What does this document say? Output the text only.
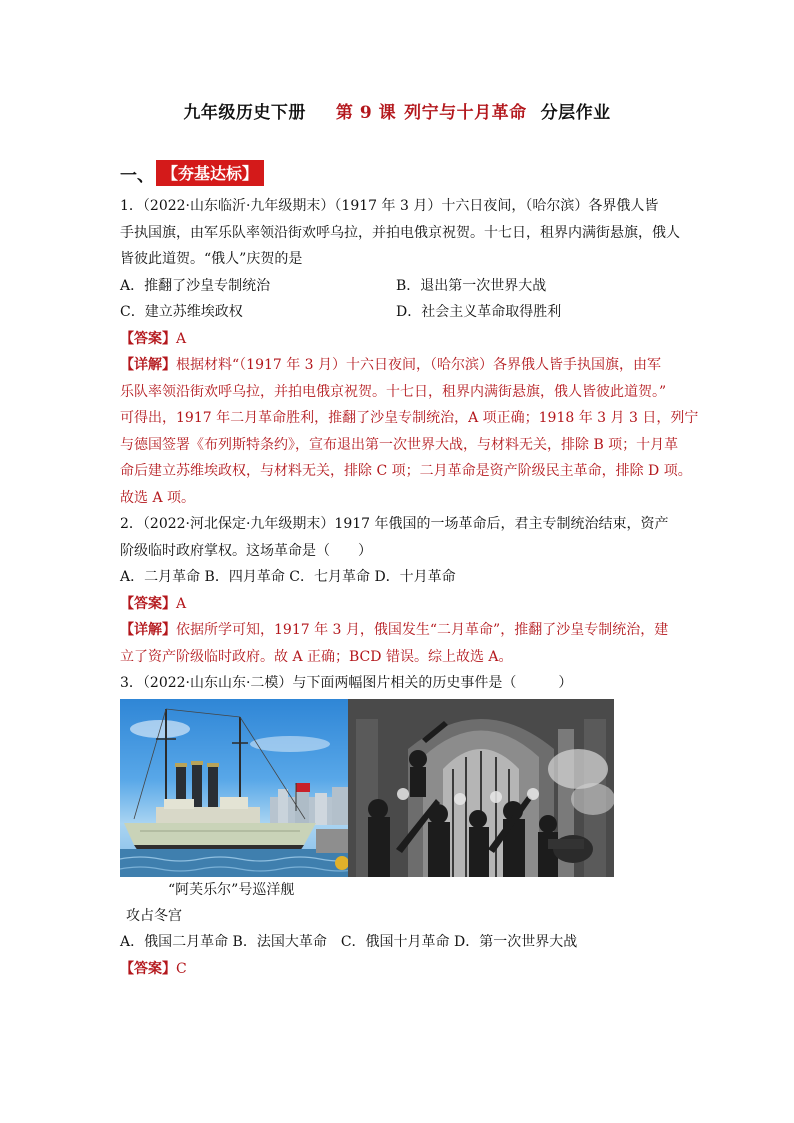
九年级历史下册 第 9 课 列宁与十月革命 分层作业
一、 【夯基达标】
1．（2022·山东临沂·九年级期末）（1917 年 3 月）十六日夜间，（哈尔滨）各界俄人皆
手执国旗，由军乐队率领沿街欢呼乌拉，并拍电俄京祝贺。十七日，租界内满街悬旗，俄人
皆彼此道贺。“俄人”庆贺的是
A．推翻了沙皇专制统治	B．退出第一次世界大战
C．建立苏维埃政权	D．社会主义革命取得胜利
【答案】A
【详解】根据材料“（1917 年 3 月）十六日夜间，（哈尔滨）各界俄人皆手执国旗，由军
乐队率领沿街欢呼乌拉，并拍电俄京祝贺。十七日，租界内满街悬旗，俄人皆彼此道贺。”
可得出，1917 年二月革命胜利，推翻了沙皇专制统治，A 项正确；1918 年 3 月 3 日，列宁
与德国签署《布列斯特条约》，宣布退出第一次世界大战，与材料无关，排除 B 项；十月革
命后建立苏维埃政权，与材料无关，排除 C 项；二月革命是资产阶级民主革命，排除 D 项。
故选 A 项。
2．（2022·河北保定·九年级期末）1917 年俄国的一场革命后，君主专制统治结束，资产
阶级临时政府掌权。这场革命是（　　）
A．二月革命 B．四月革命 C．七月革命 D．十月革命
【答案】A
【详解】依据所学可知，1917 年 3 月，俄国发生“二月革命”，推翻了沙皇专制统治，建
立了资产阶级临时政府。故 A 正确；BCD 错误。综上故选 A。
3．（2022·山东山东·二模）与下面两幅图片相关的历史事件是（　　　）
“阿芙乐尔”号巡洋舰
攻占冬宫
A．俄国二月革命 B．法国大革命　C．俄国十月革命 D．第一次世界大战
【答案】C
